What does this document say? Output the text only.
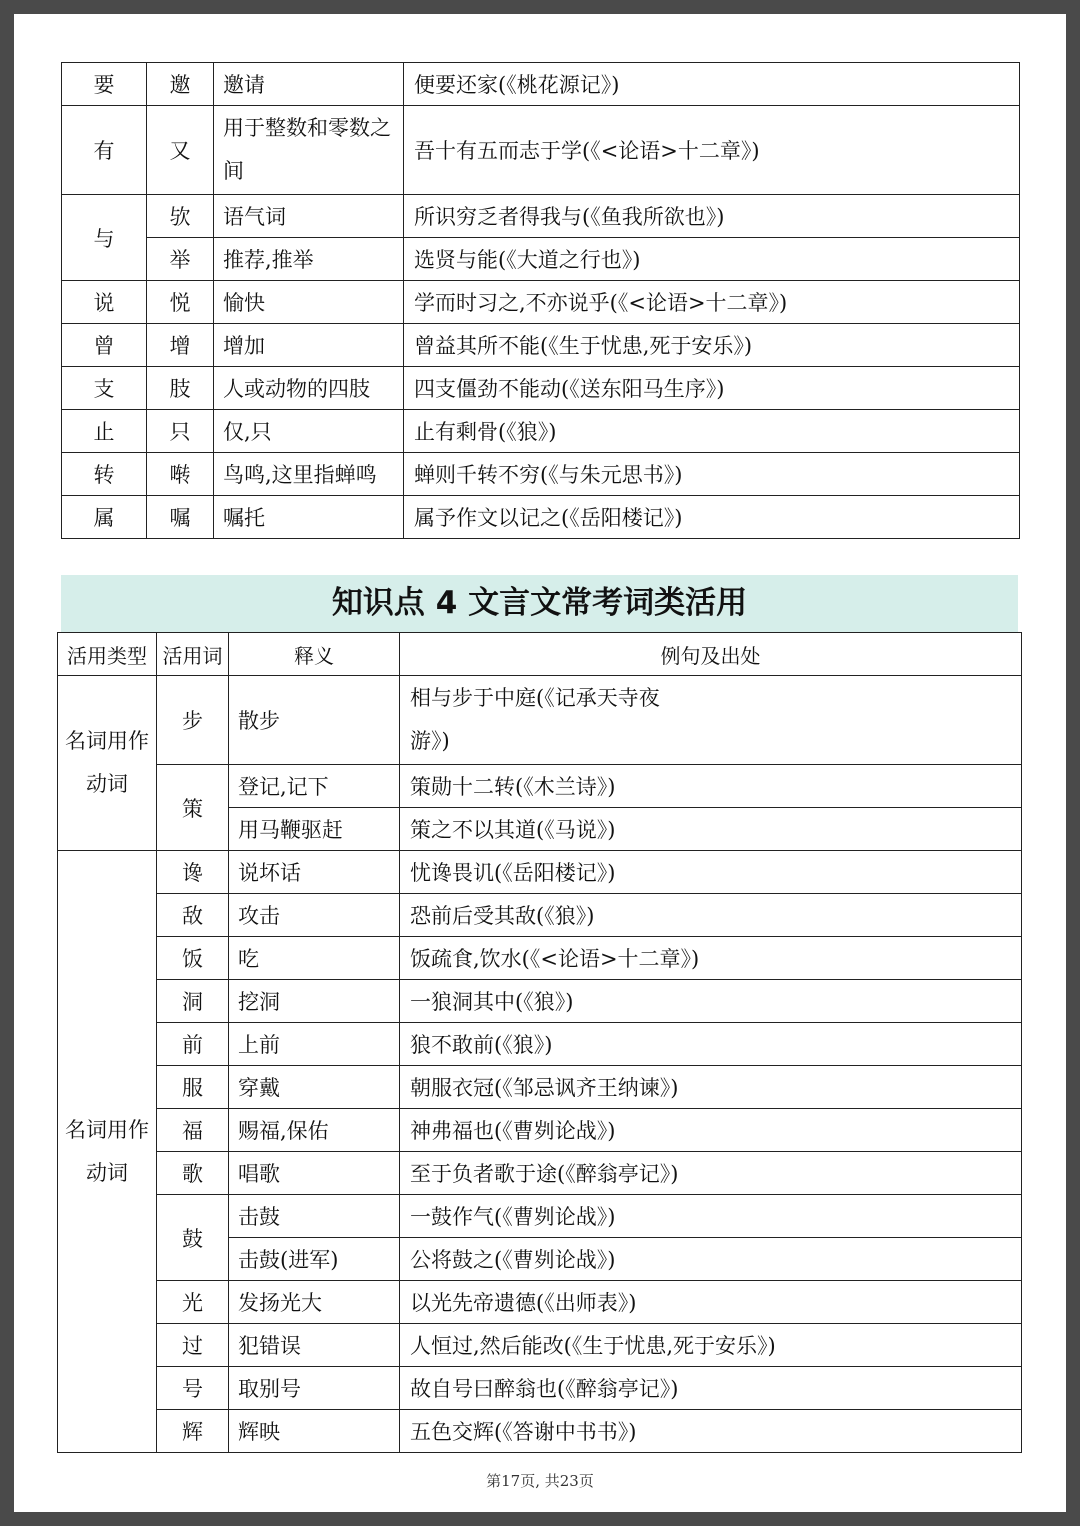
要	邀	邀请	便要还家(《桃花源记》)
有	又	用于整数和零数之间	吾十有五而志于学(《<论语>十二章》)
与	欤	语气词	所识穷乏者得我与(《鱼我所欲也》)
	举	推荐,推举	选贤与能(《大道之行也》)
说	悦	愉快	学而时习之,不亦说乎(《<论语>十二章》)
曾	增	增加	曾益其所不能(《生于忧患,死于安乐》)
支	肢	人或动物的四肢	四支僵劲不能动(《送东阳马生序》)
止	只	仅,只	止有剩骨(《狼》)
转	啭	鸟鸣,这里指蝉鸣	蝉则千转不穷(《与朱元思书》)
属	嘱	嘱托	属予作文以记之(《岳阳楼记》)
知识点 4 文言文常考词类活用
活用类型	活用词	释义	例句及出处
名词用作动词	步	散步	相与步于中庭(《记承天寺夜游》)
	策	登记,记下	策勋十二转(《木兰诗》)
		用马鞭驱赶	策之不以其道(《马说》)
名词用作动词	谗	说坏话	忧谗畏讥(《岳阳楼记》)
	敌	攻击	恐前后受其敌(《狼》)
	饭	吃	饭疏食,饮水(《<论语>十二章》)
	洞	挖洞	一狼洞其中(《狼》)
	前	上前	狼不敢前(《狼》)
	服	穿戴	朝服衣冠(《邹忌讽齐王纳谏》)
	福	赐福,保佑	神弗福也(《曹刿论战》)
	歌	唱歌	至于负者歌于途(《醉翁亭记》)
	鼓	击鼓	一鼓作气(《曹刿论战》)
		击鼓(进军)	公将鼓之(《曹刿论战》)
	光	发扬光大	以光先帝遗德(《出师表》)
	过	犯错误	人恒过,然后能改(《生于忧患,死于安乐》)
	号	取别号	故自号曰醉翁也(《醉翁亭记》)
	辉	辉映	五色交辉(《答谢中书书》)
第17页, 共23页
